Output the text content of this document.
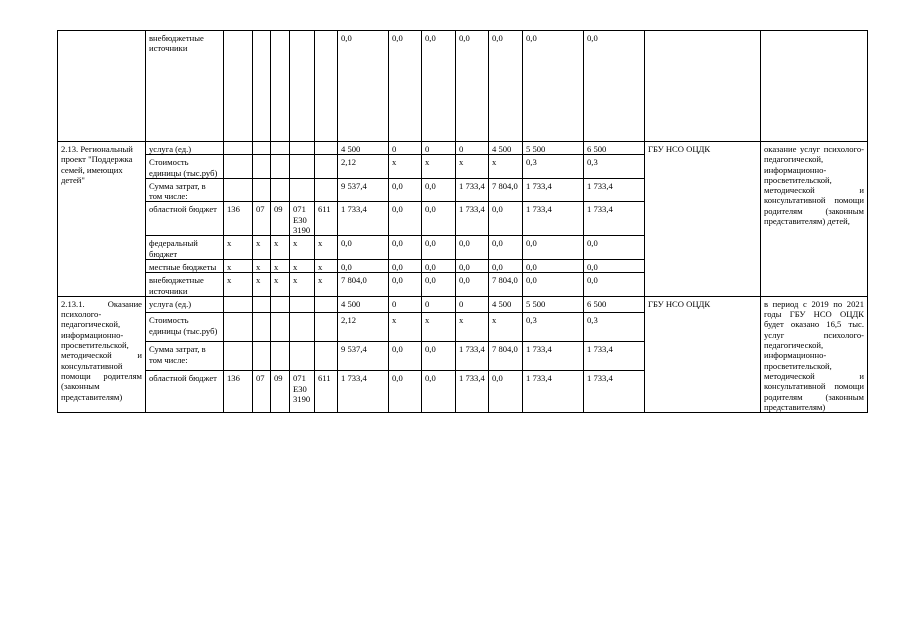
	внебюджетные источники						0,0	0,0	0,0	0,0	0,0	0,0	0,0		
2.13. Региональный проект "Поддержка семей, имеющих детей"	услуга (ед.)						4 500	0	0	0	4 500	5 500	6 500	ГБУ НСО ОЦДК	оказание услуг психолого-педагогической, информационно-просветительской, методической и консультативной помощи родителям (законным представителям) детей,
	Стоимость единицы (тыс.руб)						2,12	х	х	х	х	0,3	0,3		
	Сумма затрат, в том числе:						9 537,4	0,0	0,0	1 733,4	7 804,0	1 733,4	1 733,4		
	областной бюджет	136	07	09	071Е303190	611	1 733,4	0,0	0,0	1 733,4	0,0	1 733,4	1 733,4		
	федеральный бюджет	х	х	х	х	х	0,0	0,0	0,0	0,0	0,0	0,0	0,0		
	местные бюджеты	х	х	х	х	х	0,0	0,0	0,0	0,0	0,0	0,0	0,0		
	внебюджетные источники	х	х	х	х	х	7 804,0	0,0	0,0	0,0	7 804,0	0,0	0,0		
2.13.1. Оказание психолого-педагогической, информационно-просветительской, методической и консультативной помощи родителям (законным представителям)	услуга (ед.)						4 500	0	0	0	4 500	5 500	6 500	ГБУ НСО ОЦДК	в период с 2019 по 2021 годы ГБУ НСО ОЦДК будет оказано 16,5 тыс. услуг психолого-педагогической, информационно-просветительской, методической и консультативной помощи родителям (законным представителям)
	Стоимость единицы (тыс.руб)						2,12	х	х	х	х	0,3	0,3		
	Сумма затрат, в том числе:						9 537,4	0,0	0,0	1 733,4	7 804,0	1 733,4	1 733,4		
	областной бюджет	136	07	09	071Е303190	611	1 733,4	0,0	0,0	1 733,4	0,0	1 733,4	1 733,4		
